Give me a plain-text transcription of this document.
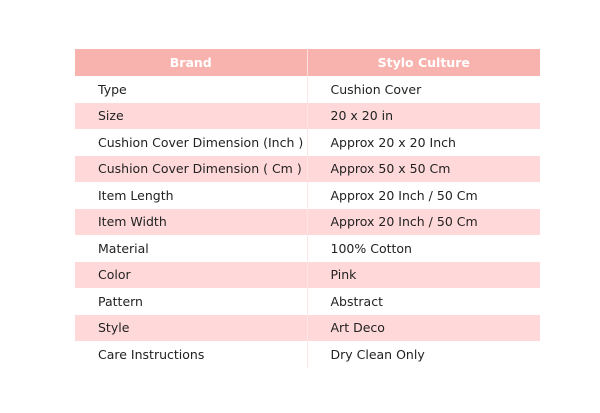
Brand	Stylo Culture
Type	Cushion Cover
Size	20 x 20 in
Cushion Cover Dimension (Inch )	Approx 20 x 20 Inch
Cushion Cover Dimension ( Cm )	Approx 50 x 50 Cm
Item Length	Approx 20 Inch / 50 Cm
Item Width	Approx 20 Inch / 50 Cm
Material	100% Cotton
Color	Pink
Pattern	Abstract
Style	Art Deco
Care Instructions	Dry Clean Only
